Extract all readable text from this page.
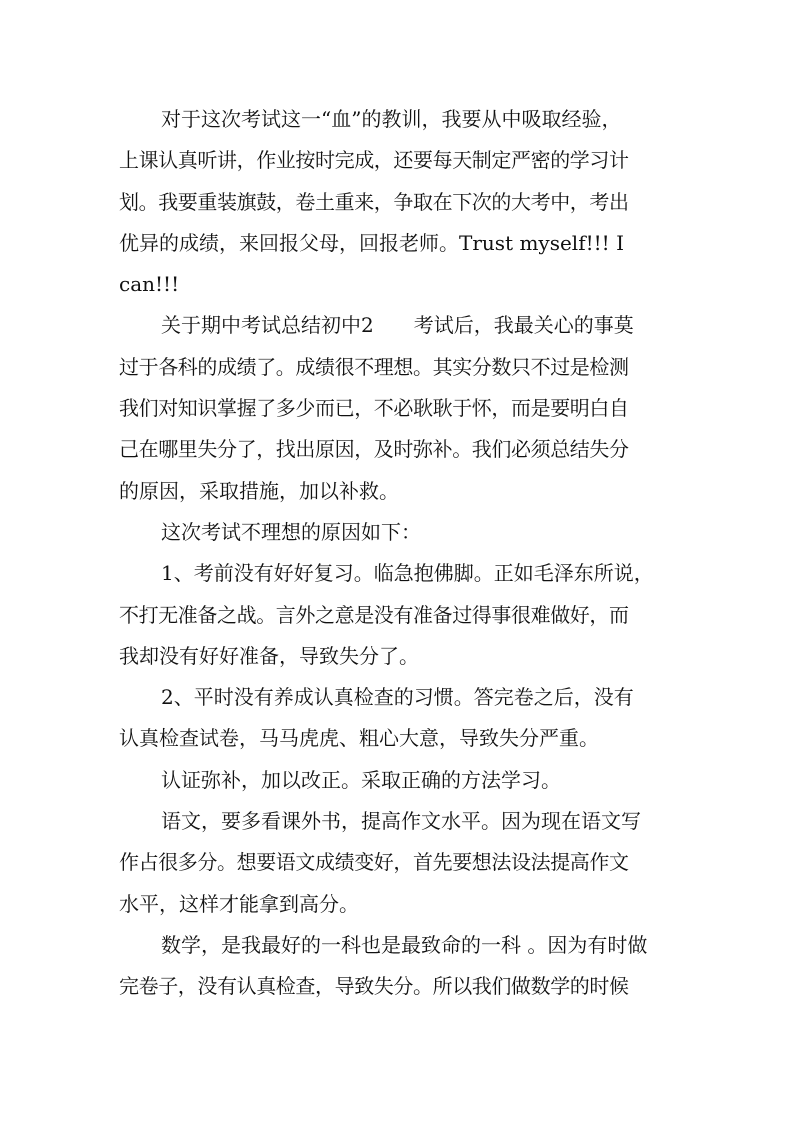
对于这次考试这一“血”的教训，我要从中吸取经验，
上课认真听讲，作业按时完成，还要每天制定严密的学习计
划。我要重装旗鼓，卷土重来，争取在下次的大考中，考出
优异的成绩，来回报父母，回报老师。Trust myself!!! I
can!!!
关于期中考试总结初中2 考试后，我最关心的事莫
过于各科的成绩了。成绩很不理想。其实分数只不过是检测
我们对知识掌握了多少而已，不必耿耿于怀，而是要明白自
己在哪里失分了，找出原因，及时弥补。我们必须总结失分
的原因，采取措施，加以补救。
这次考试不理想的原因如下：
1、考前没有好好复习。临急抱佛脚。正如毛泽东所说，
不打无准备之战。言外之意是没有准备过得事很难做好，而
我却没有好好准备，导致失分了。
2、平时没有养成认真检查的习惯。答完卷之后，没有
认真检查试卷，马马虎虎、粗心大意，导致失分严重。
认证弥补，加以改正。采取正确的方法学习。
语文，要多看课外书，提高作文水平。因为现在语文写
作占很多分。想要语文成绩变好，首先要想法设法提高作文
水平，这样才能拿到高分。
数学，是我最好的一科也是最致命的一科 。因为有时做
完卷子，没有认真检查，导致失分。所以我们做数学的时候
